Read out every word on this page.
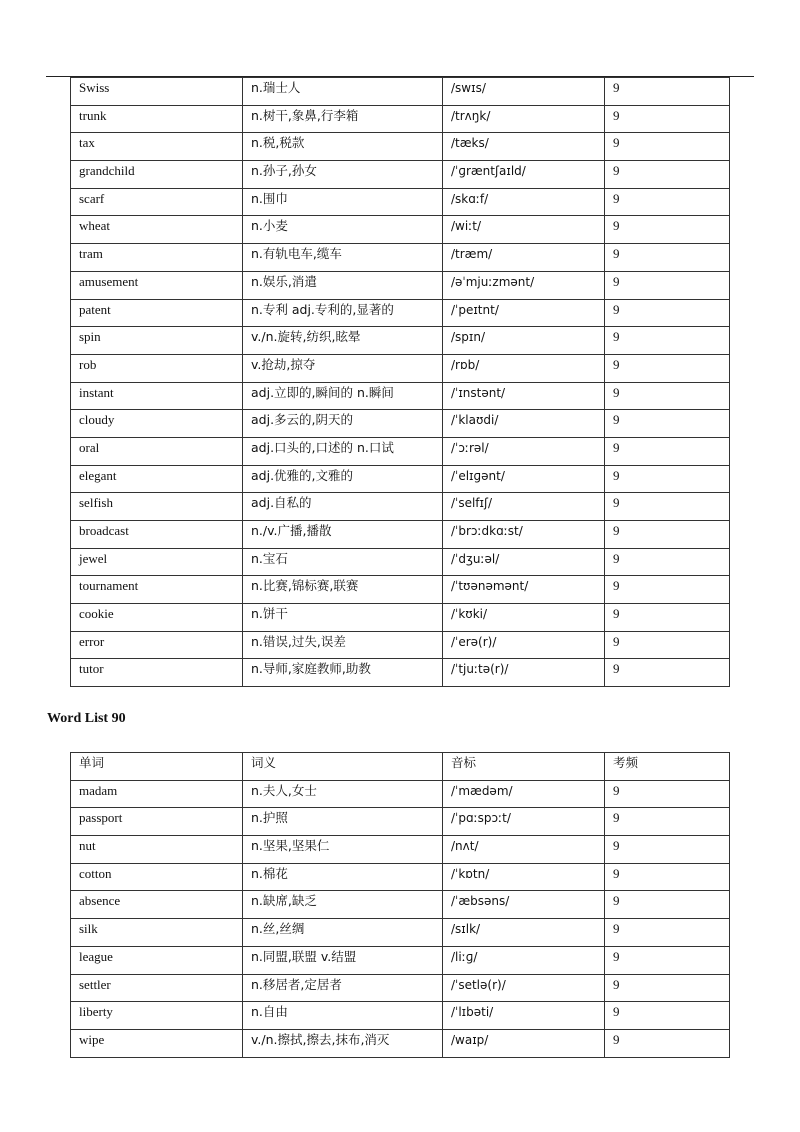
Swiss	n.瑞士人	/swɪs/	9
trunk	n.树干,象鼻,行李箱	/trʌŋk/	9
tax	n.税,税款	/tæks/	9
grandchild	n.孙子,孙女	/ˈɡræntʃaɪld/	9
scarf	n.围巾	/skɑːf/	9
wheat	n.小麦	/wiːt/	9
tram	n.有轨电车,缆车	/træm/	9
amusement	n.娱乐,消遣	/əˈmjuːzmənt/	9
patent	n.专利 adj.专利的,显著的	/ˈpeɪtnt/	9
spin	v./n.旋转,纺织,眩晕	/spɪn/	9
rob	v.抢劫,掠夺	/rɒb/	9
instant	adj.立即的,瞬间的 n.瞬间	/ˈɪnstənt/	9
cloudy	adj.多云的,阴天的	/ˈklaʊdi/	9
oral	adj.口头的,口述的 n.口试	/ˈɔːrəl/	9
elegant	adj.优雅的,文雅的	/ˈelɪɡənt/	9
selfish	adj.自私的	/ˈselfɪʃ/	9
broadcast	n./v.广播,播散	/ˈbrɔːdkɑːst/	9
jewel	n.宝石	/ˈdʒuːəl/	9
tournament	n.比赛,锦标赛,联赛	/ˈtʊənəmənt/	9
cookie	n.饼干	/ˈkʊki/	9
error	n.错误,过失,误差	/ˈerə(r)/	9
tutor	n.导师,家庭教师,助教	/ˈtjuːtə(r)/	9
Word List 90
单词	词义	音标	考频
madam	n.夫人,女士	/ˈmædəm/	9
passport	n.护照	/ˈpɑːspɔːt/	9
nut	n.坚果,坚果仁	/nʌt/	9
cotton	n.棉花	/ˈkɒtn/	9
absence	n.缺席,缺乏	/ˈæbsəns/	9
silk	n.丝,丝绸	/sɪlk/	9
league	n.同盟,联盟 v.结盟	/liːɡ/	9
settler	n.移居者,定居者	/ˈsetlə(r)/	9
liberty	n.自由	/ˈlɪbəti/	9
wipe	v./n.擦拭,擦去,抹布,消灭	/waɪp/	9
